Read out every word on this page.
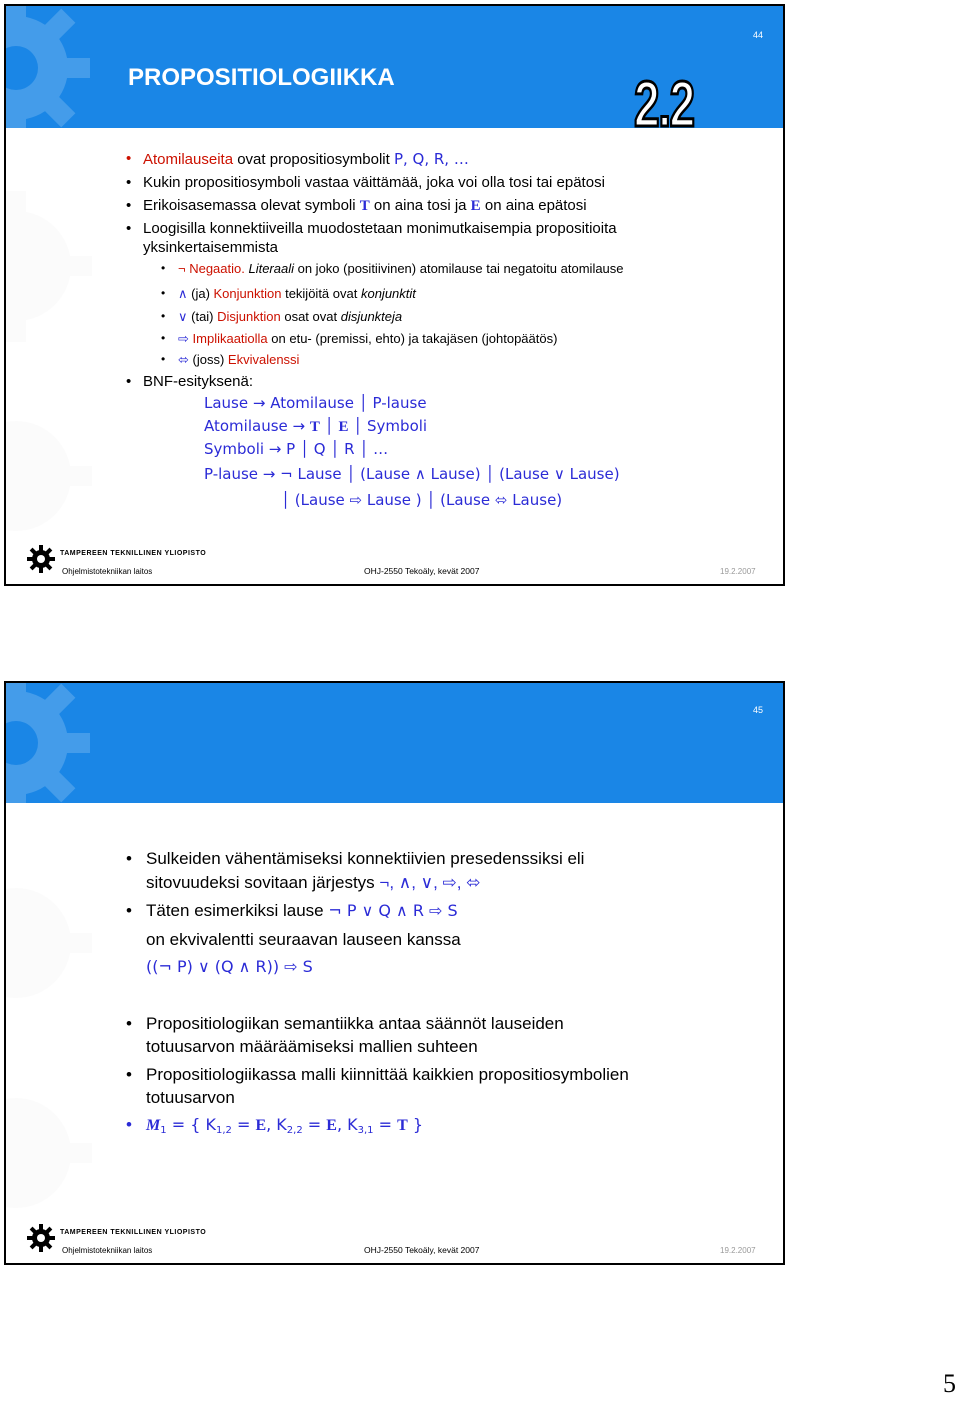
44
PROPOSITIOLOGIIKKA	2.2
• Atomilauseita ovat propositiosymbolit P, Q, R, …
• Kukin propositiosymboli vastaa väittämää, joka voi olla tosi tai epätosi
• Erikoisasemassa olevat symboli T on aina tosi ja E on aina epätosi
• Loogisilla konnektiiveilla muodostetaan monimutkaisempia propositioita
yksinkertaisemmista
• ¬ Negaatio. Literaali on joko (positiivinen) atomilause tai negatoitu atomilause
• ∧ (ja) Konjunktion tekijöitä ovat konjunktit
• ∨ (tai) Disjunktion osat ovat disjunkteja
• ⇨ Implikaatiolla on etu- (premissi, ehto) ja takajäsen (johtopäätös)
• ⬄ (joss) Ekvivalenssi
• BNF-esityksenä:
Lause → Atomilause │ P-lause
Atomilause → T │ E │ Symboli
Symboli → P │ Q │ R │ …
P-lause → ¬ Lause │ (Lause ∧ Lause) │ (Lause ∨ Lause)
│ (Lause ⇨ Lause ) │ (Lause ⬄ Lause)
TAMPEREEN TEKNILLINEN YLIOPISTO
Ohjelmistotekniikan laitos	OHJ-2550 Tekoäly, kevät 2007	19.2.2007
45
• Sulkeiden vähentämiseksi konnektiivien presedenssiksi eli
sitovuudeksi sovitaan järjestys ¬, ∧, ∨, ⇨, ⬄
• Täten esimerkiksi lause ¬ P ∨ Q ∧ R ⇨ S
on ekvivalentti seuraavan lauseen kanssa
((¬ P) ∨ (Q ∧ R)) ⇨ S
• Propositiologiikan semantiikka antaa säännöt lauseiden
totuusarvon määräämiseksi mallien suhteen
• Propositiologiikassa malli kiinnittää kaikkien propositiosymbolien
totuusarvon
• $M_1$ = { $K_{1,2} = E$, $K_{2,2} = E$, $K_{3,1} = T$ }
TAMPEREEN TEKNILLINEN YLIOPISTO
Ohjelmistotekniikan laitos	OHJ-2550 Tekoäly, kevät 2007	19.2.2007
5
